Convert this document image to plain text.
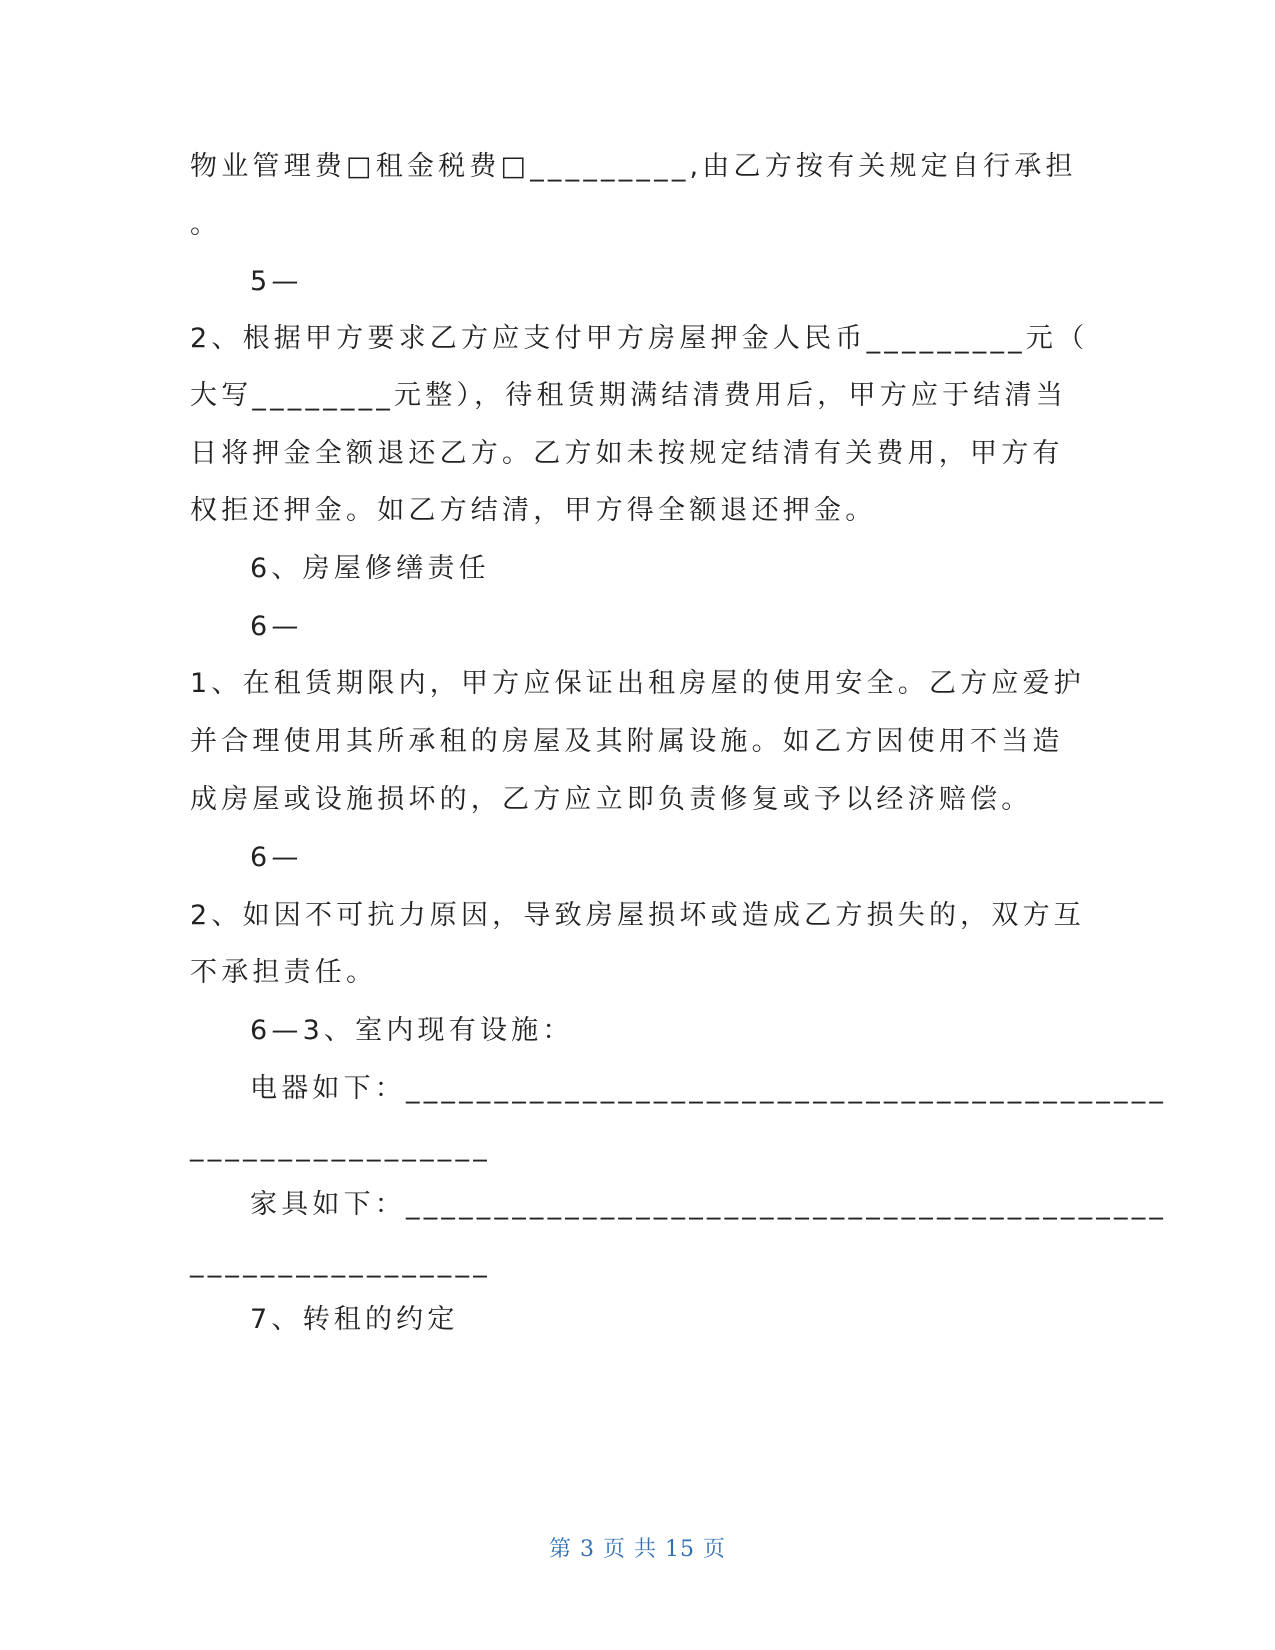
物业管理费□租金税费□_________,由乙方按有关规定自行承担
。
5—
2、根据甲方要求乙方应支付甲方房屋押金人民币_________元（
大写________元整），待租赁期满结清费用后，甲方应于结清当
日将押金全额退还乙方。乙方如未按规定结清有关费用，甲方有
权拒还押金。如乙方结清，甲方得全额退还押金。
6、房屋修缮责任
6—
1、在租赁期限内，甲方应保证出租房屋的使用安全。乙方应爱护
并合理使用其所承租的房屋及其附属设施。如乙方因使用不当造
成房屋或设施损坏的，乙方应立即负责修复或予以经济赔偿。
6—
2、如因不可抗力原因，导致房屋损坏或造成乙方损失的，双方互
不承担责任。
6—3、室内现有设施：
电器如下：___________________________________________
_________________
家具如下：___________________________________________
_________________
7、转租的约定
第 3 页 共 15 页
